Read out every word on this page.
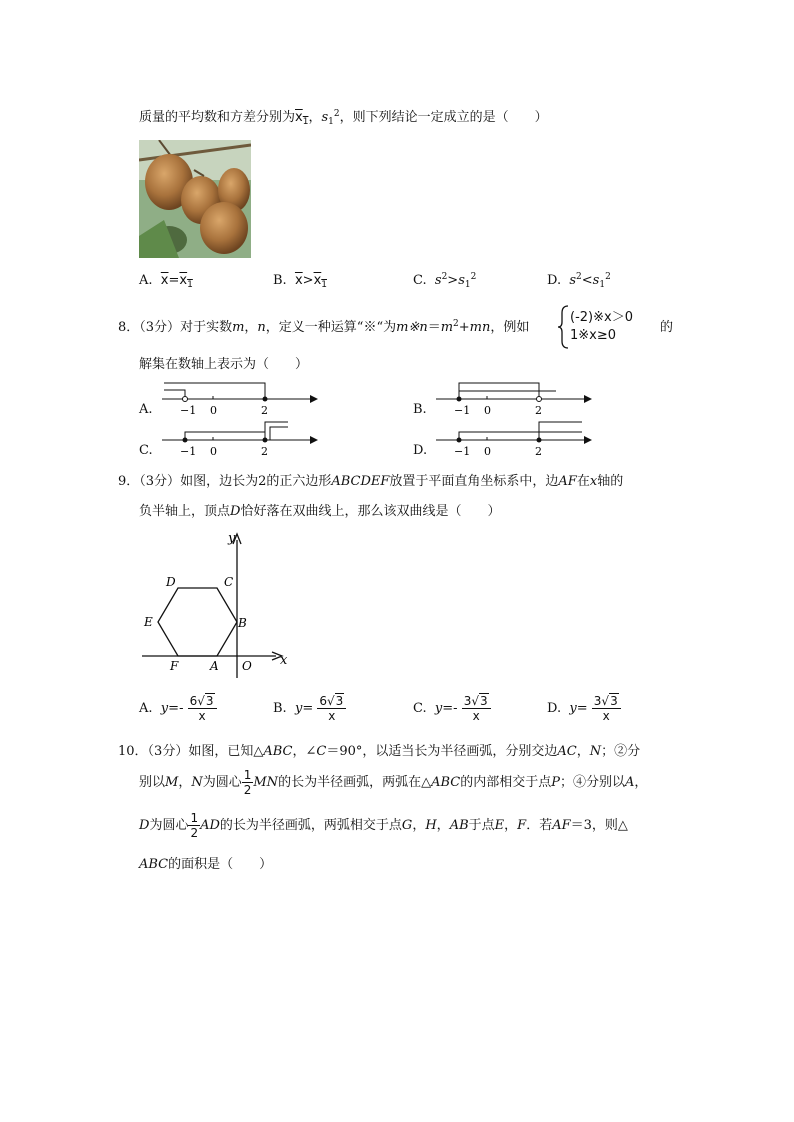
质量的平均数和方差分别为$x_1$，$s_1^2$，则下列结论一定成立的是（　　）
A. $\overline{x}=x_1$	B. $\overline{x}>x_1$	C. $s^2>s_1^2$	D. $s^2<s_1^2$
8．（3分）对于实数m，n，定义一种运算“※“为$m※n=m^2+mn$，例如
(-2)※x＞0
1※x≥0
的
解集在数轴上表示为（　　）
A. −1 0	2	B. −1 0	2
C. −1 0	2	D. −1 0	2
9．（3分）如图，边长为2的正六边形ABCDEF放置于平面直角坐标系中，边AF在x轴的
负半轴上，顶点D恰好落在双曲线上，那么该双曲线是（　　）
y
x
O
A
B
C
D
E
F
A. $y=- \frac{6√3}{x}$	B. $y= \frac{6√3}{x}$	C. $y=- \frac{3√3}{x}$	D. $y= \frac{3√3}{x}$
10．（3分）如图，已知△ABC，∠C＝90°，以适当长为半径画弧，分别交边AC，N；②分
别以M，N为圆心 $\frac{1}{2}$ MN的长为半径画弧，两弧在△ABC的内部相交于点P；④分别以A，
D为圆心 $\frac{1}{2}$ AD的长为半径画弧，两弧相交于点G，H，AB于点E，F．若AF＝3，则△
ABC的面积是（　　）
